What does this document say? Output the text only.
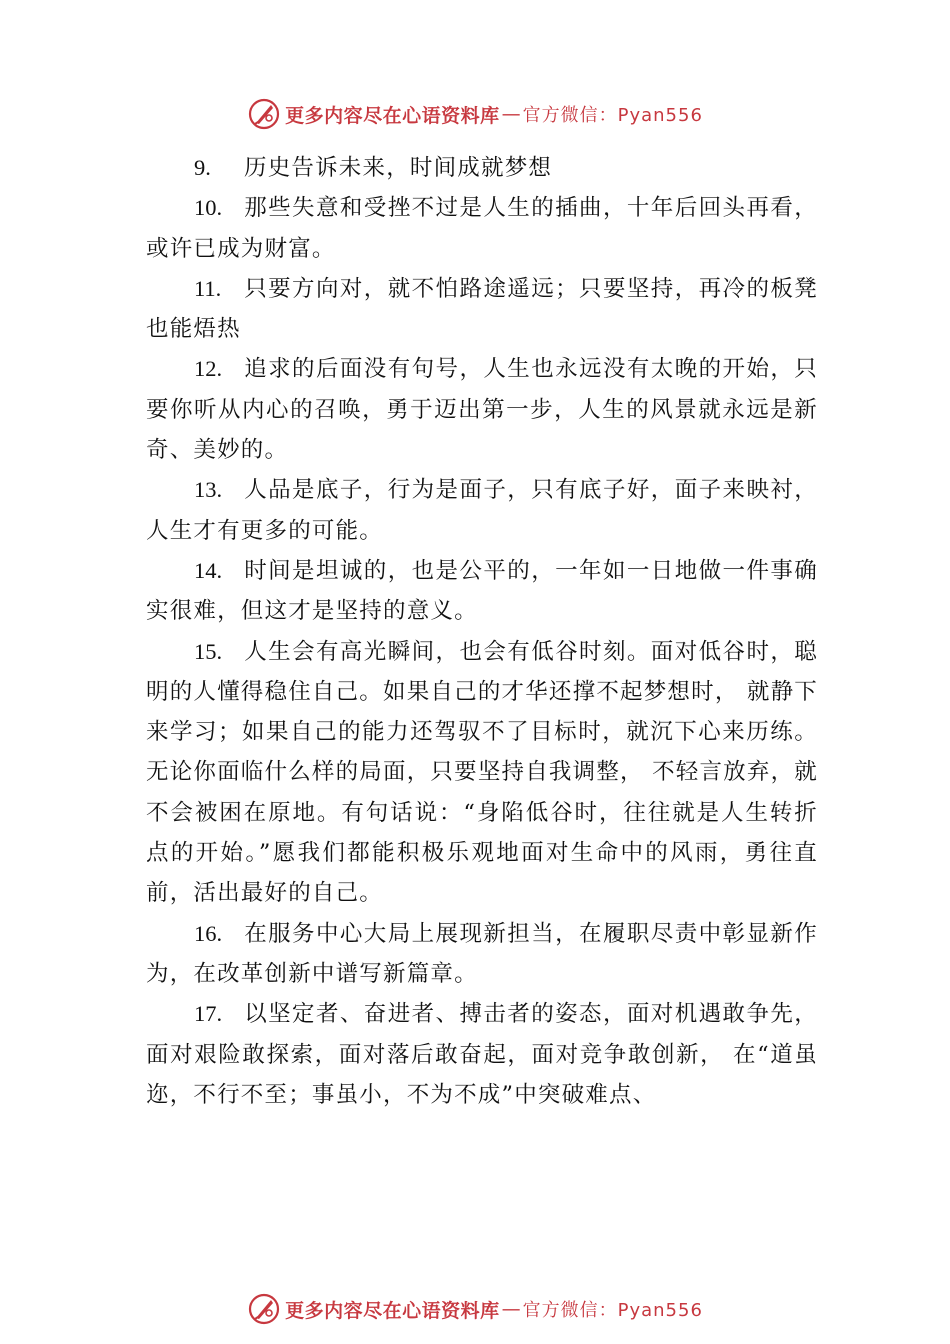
更多内容尽在心语资料库 — 官方微信：Pyan556

9. 历史告诉未来，时间成就梦想

10. 那些失意和受挫不过是人生的插曲，十年后回头再看，或许已成为财富。

11. 只要方向对，就不怕路途遥远；只要坚持，再冷的板凳也能焐热

12. 追求的后面没有句号，人生也永远没有太晚的开始，只要你听从内心的召唤，勇于迈出第一步，人生的风景就永远是新奇、美妙的。

13. 人品是底子，行为是面子，只有底子好，面子来映衬，人生才有更多的可能。

14. 时间是坦诚的，也是公平的，一年如一日地做一件事确实很难，但这才是坚持的意义。

15. 人生会有高光瞬间，也会有低谷时刻。面对低谷时，聪明的人懂得稳住自己。如果自己的才华还撑不起梦想时， 就静下来学习；如果自己的能力还驾驭不了目标时，就沉下心来历练。无论你面临什么样的局面，只要坚持自我调整， 不轻言放弃，就不会被困在原地。有句话说：“身陷低谷时，往往就是人生转折点的开始。”愿我们都能积极乐观地面对生命中的风雨，勇往直前，活出最好的自己。

16. 在服务中心大局上展现新担当，在履职尽责中彰显新作为，在改革创新中谱写新篇章。

17. 以坚定者、奋进者、搏击者的姿态，面对机遇敢争先，面对艰险敢探索，面对落后敢奋起，面对竞争敢创新， 在“道虽迩，不行不至；事虽小，不为不成”中突破难点、

更多内容尽在心语资料库 — 官方微信：Pyan556
